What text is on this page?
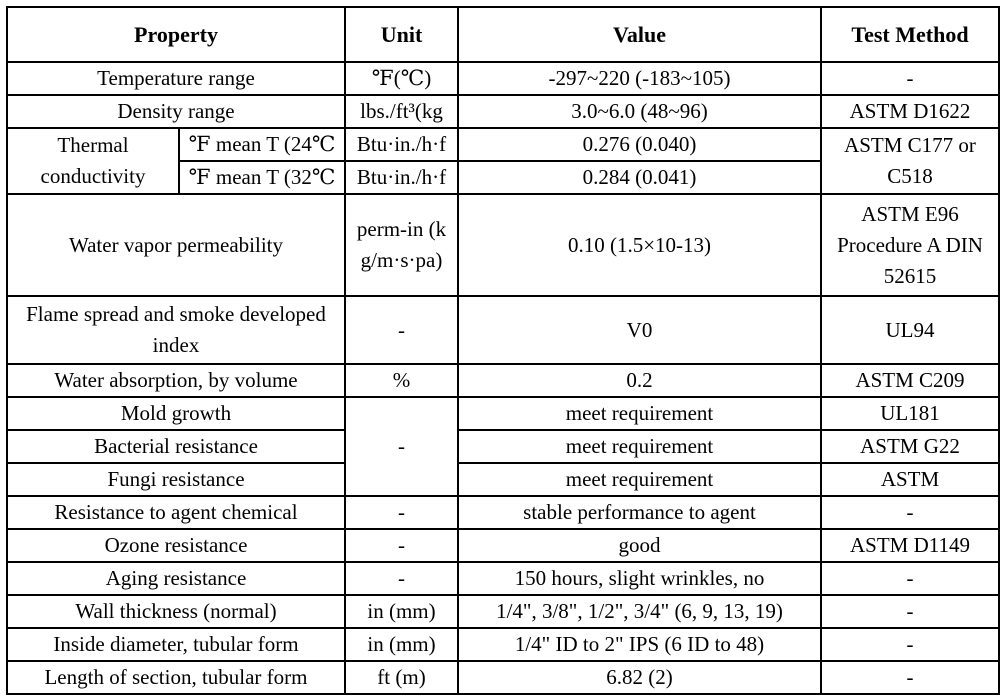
Property		Unit	Value	Test Method
Temperature range		℉(℃)	-297~220 (-183~105)	-
Density range		lbs./ft³(kg	3.0~6.0 (48~96)	ASTM D1622
Thermal conductivity	℉ mean T (24℃	Btu·in./h·f	0.276 (0.040)	ASTM C177 or C518
	℉ mean T (32℃	Btu·in./h·f	0.284 (0.041)	
Water vapor permeability		perm-in (kg/m·s·pa)	0.10 (1.5×10-13)	ASTM E96 Procedure A DIN 52615
Flame spread and smoke developed index		-	V0	UL94
Water absorption, by volume		%	0.2	ASTM C209
Mold growth		-	meet requirement	UL181
Bacterial resistance			meet requirement	ASTM G22
Fungi resistance			meet requirement	ASTM
Resistance to agent chemical		-	stable performance to agent	-
Ozone resistance		-	good	ASTM D1149
Aging resistance		-	150 hours, slight wrinkles, no	-
Wall thickness (normal)		in (mm)	1/4", 3/8", 1/2", 3/4" (6, 9, 13, 19)	-
Inside diameter, tubular form		in (mm)	1/4" ID to 2" IPS (6 ID to 48)	-
Length of section, tubular form		ft (m)	6.82 (2)	-
